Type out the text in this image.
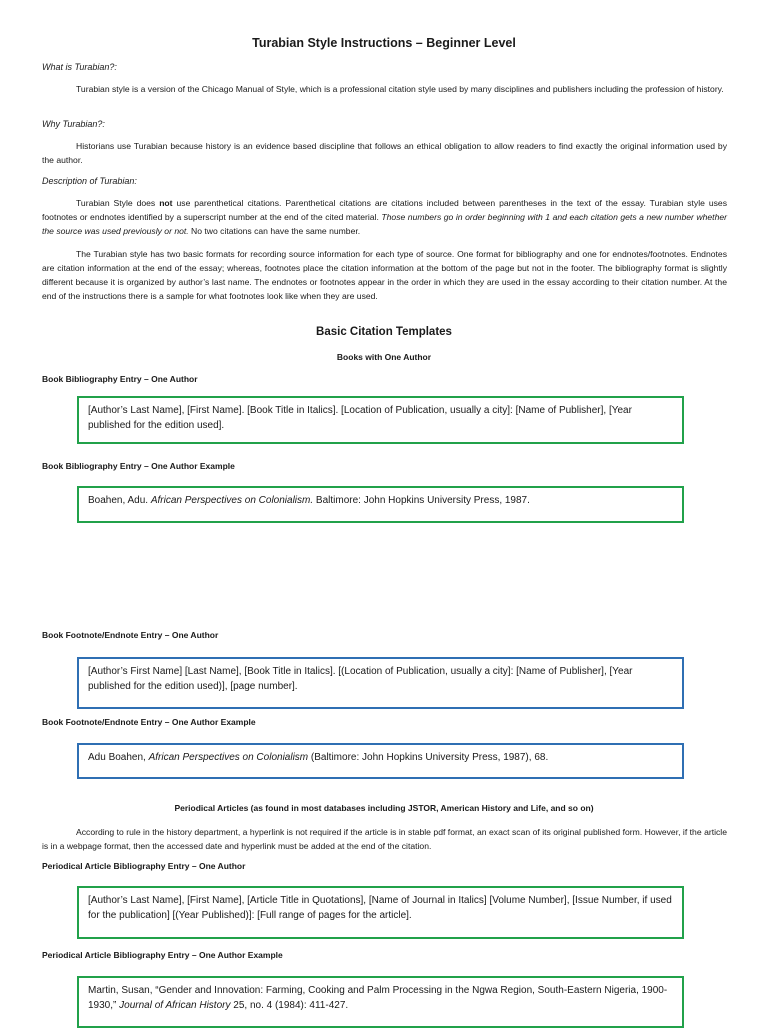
Turabian Style Instructions – Beginner Level

What is Turabian?:

Turabian style is a version of the Chicago Manual of Style, which is a professional citation style used by many disciplines and publishers including the profession of history.

Why Turabian?:

Historians use Turabian because history is an evidence based discipline that follows an ethical obligation to allow readers to find exactly the original information used by the author.

Description of Turabian:

Turabian Style does not use parenthetical citations. Parenthetical citations are citations included between parentheses in the text of the essay. Turabian style uses footnotes or endnotes identified by a superscript number at the end of the cited material. Those numbers go in order beginning with 1 and each citation gets a new number whether the source was used previously or not. No two citations can have the same number.

The Turabian style has two basic formats for recording source information for each type of source. One format for bibliography and one for endnotes/footnotes. Endnotes are citation information at the end of the essay; whereas, footnotes place the citation information at the bottom of the page but not in the footer. The bibliography format is slightly different because it is organized by author’s last name. The endnotes or footnotes appear in the order in which they are used in the essay according to their citation number. At the end of the instructions there is a sample for what footnotes look like when they are used.

Basic Citation Templates
Books with One Author

Book Bibliography Entry – One Author

[Author’s Last Name], [First Name]. [Book Title in Italics]. [Location of Publication, usually a city]: [Name of Publisher], [Year published for the edition used].

Book Bibliography Entry – One Author Example

Boahen, Adu. African Perspectives on Colonialism. Baltimore: John Hopkins University Press, 1987.

Book Footnote/Endnote Entry – One Author

[Author’s First Name] [Last Name], [Book Title in Italics]. [(Location of Publication, usually a city]: [Name of Publisher], [Year published for the edition used)], [page number].

Book Footnote/Endnote Entry – One Author Example

Adu Boahen, African Perspectives on Colonialism (Baltimore: John Hopkins University Press, 1987), 68.
Periodical Articles (as found in most databases including JSTOR, American History and Life, and so on)

According to rule in the history department, a hyperlink is not required if the article is in stable pdf format, an exact scan of its original published form. However, if the article is in a webpage format, then the accessed date and hyperlink must be added at the end of the citation.

Periodical Article Bibliography Entry – One Author

[Author’s Last Name], [First Name], [Article Title in Quotations], [Name of Journal in Italics] [Volume Number], [Issue Number, if used for the publication] [(Year Published)]: [Full range of pages for the article].

Periodical Article Bibliography Entry – One Author Example

Martin, Susan, “Gender and Innovation: Farming, Cooking and Palm Processing in the Ngwa Region, South-Eastern Nigeria, 1900-1930,” Journal of African History 25, no. 4 (1984): 411-427.
